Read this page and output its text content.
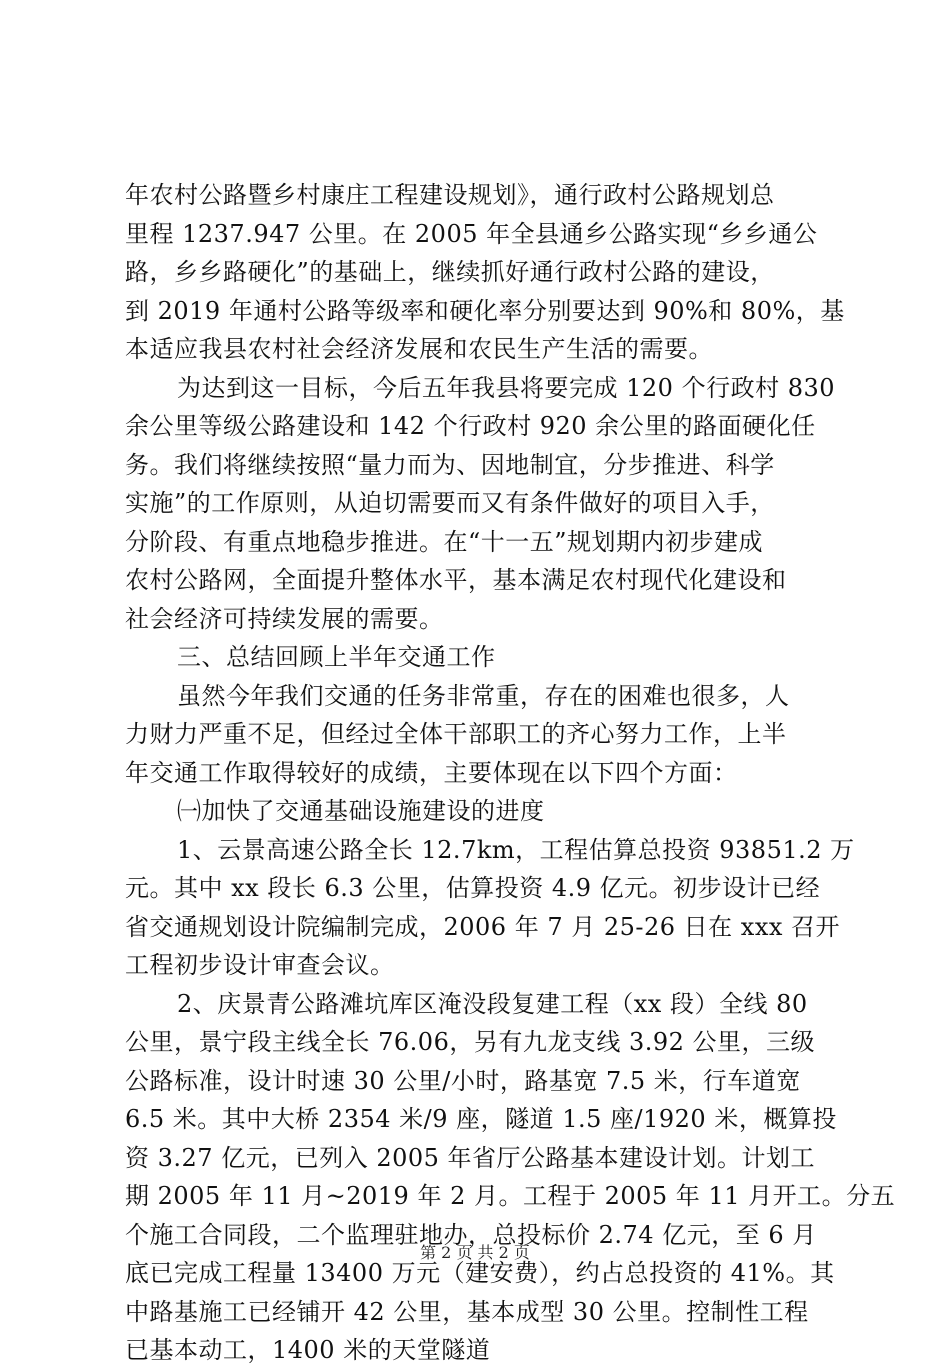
年农村公路暨乡村康庄工程建设规划》，通行政村公路规划总
里程 1237.947 公里。在 2005 年全县通乡公路实现“乡乡通公
路，乡乡路硬化”的基础上，继续抓好通行政村公路的建设，
到 2019 年通村公路等级率和硬化率分别要达到 90%和 80%，基
本适应我县农村社会经济发展和农民生产生活的需要。
为达到这一目标，今后五年我县将要完成 120 个行政村 830
余公里等级公路建设和 142 个行政村 920 余公里的路面硬化任
务。我们将继续按照“量力而为、因地制宜，分步推进、科学
实施”的工作原则，从迫切需要而又有条件做好的项目入手，
分阶段、有重点地稳步推进。在“十一五”规划期内初步建成
农村公路网，全面提升整体水平，基本满足农村现代化建设和
社会经济可持续发展的需要。
三、总结回顾上半年交通工作
虽然今年我们交通的任务非常重，存在的困难也很多，人
力财力严重不足，但经过全体干部职工的齐心努力工作，上半
年交通工作取得较好的成绩，主要体现在以下四个方面：
㈠加快了交通基础设施建设的进度
1、云景高速公路全长 12.7km，工程估算总投资 93851.2 万
元。其中 xx 段长 6.3 公里，估算投资 4.9 亿元。初步设计已经
省交通规划设计院编制完成，2006 年 7 月 25-26 日在 xxx 召开
工程初步设计审查会议。
2、庆景青公路滩坑库区淹没段复建工程（xx 段）全线 80
公里，景宁段主线全长 76.06，另有九龙支线 3.92 公里，三级
公路标准，设计时速 30 公里/小时，路基宽 7.5 米，行车道宽
6.5 米。其中大桥 2354 米/9 座，隧道 1.5 座/1920 米，概算投
资 3.27 亿元，已列入 2005 年省厅公路基本建设计划。计划工
期 2005 年 11 月~2019 年 2 月。工程于 2005 年 11 月开工。分五
个施工合同段，二个监理驻地办，总投标价 2.74 亿元，至 6 月
底已完成工程量 13400 万元（建安费），约占总投资的 41%。其
中路基施工已经铺开 42 公里，基本成型 30 公里。控制性工程
已基本动工，1400 米的天堂隧道
第 2 页 共 2 页
